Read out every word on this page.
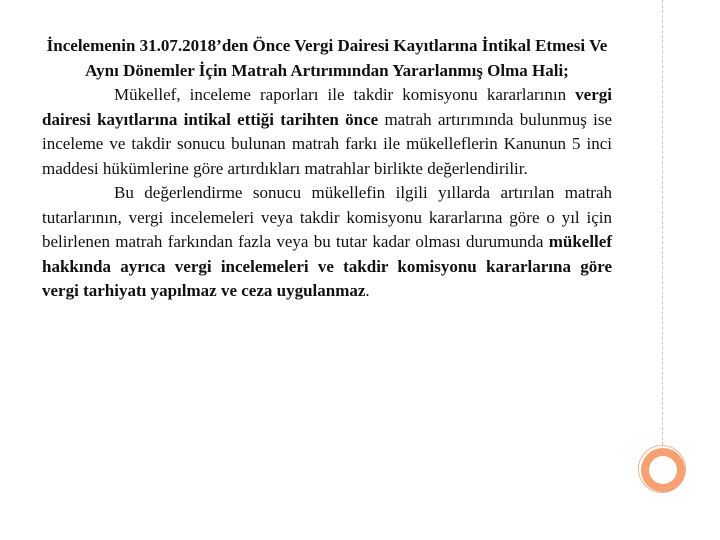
İncelemenin 31.07.2018’den Önce Vergi Dairesi Kayıtlarına İntikal Etmesi Ve Aynı Dönemler İçin Matrah Artırımından Yararlanmış Olma Hali;

Mükellef, inceleme raporları ile takdir komisyonu kararlarının vergi dairesi kayıtlarına intikal ettiği tarihten önce matrah artırımında bulunmuş ise inceleme ve takdir sonucu bulunan matrah farkı ile mükelleflerin Kanunun 5 inci maddesi hükümlerine göre artırdıkları matrahlar birlikte değerlendirilir.

Bu değerlendirme sonucu mükellefin ilgili yıllarda artırılan matrah tutarlarının, vergi incelemeleri veya takdir komisyonu kararlarına göre o yıl için belirlenen matrah farkından fazla veya bu tutar kadar olması durumunda mükellef hakkında ayrıca vergi incelemeleri ve takdir komisyonu kararlarına göre vergi tarhiyatı yapılmaz ve ceza uygulanmaz.
